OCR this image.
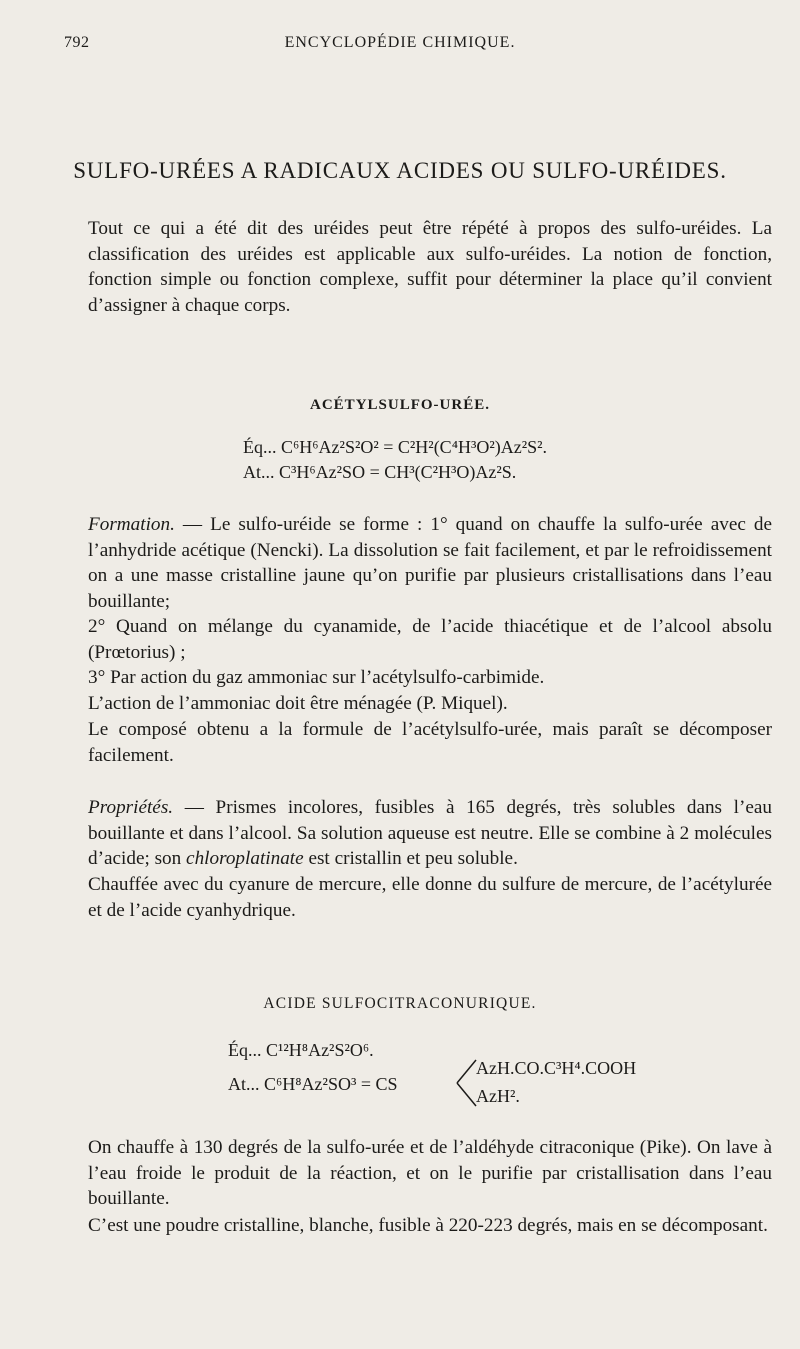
792	ENCYCLOPÉDIE CHIMIQUE.
SULFO-URÉES A RADICAUX ACIDES OU SULFO-URÉIDES.

Tout ce qui a été dit des uréides peut être répété à propos des sulfo-uréides. La classification des uréides est applicable aux sulfo-uréides. La notion de fonction, fonction simple ou fonction complexe, suffit pour déterminer la place qu’il convient d’assigner à chaque corps.

ACÉTYLSULFO-URÉE.
Éq... C⁶H⁶Az²S²O² = C²H²(C⁴H³O²)Az²S².
At... C³H⁶Az²SO = CH³(C²H³O)Az²S.

Formation. — Le sulfo-uréide se forme : 1° quand on chauffe la sulfo-urée avec de l’anhydride acétique (Nencki). La dissolution se fait facilement, et par le refroidissement on a une masse cristalline jaune qu’on purifie par plusieurs cristallisations dans l’eau bouillante;

2° Quand on mélange du cyanamide, de l’acide thiacétique et de l’alcool absolu (Prœtorius) ;

3° Par action du gaz ammoniac sur l’acétylsulfo-carbimide.

L’action de l’ammoniac doit être ménagée (P. Miquel).

Le composé obtenu a la formule de l’acétylsulfo-urée, mais paraît se décomposer facilement.

Propriétés. — Prismes incolores, fusibles à 165 degrés, très solubles dans l’eau bouillante et dans l’alcool. Sa solution aqueuse est neutre. Elle se combine à 2 molécules d’acide; son chloroplatinate est cristallin et peu soluble.

Chauffée avec du cyanure de mercure, elle donne du sulfure de mercure, de l’acétylurée et de l’acide cyanhydrique.

ACIDE SULFOCITRACONURIQUE.
Éq... C¹²H⁸Az²S²O⁶.
At... C⁶H⁸Az²SO³ = CS
AzH.CO.C³H⁴.COOH
AzH².

On chauffe à 130 degrés de la sulfo-urée et de l’aldéhyde citraconique (Pike). On lave à l’eau froide le produit de la réaction, et on le purifie par cristallisation dans l’eau bouillante.

C’est une poudre cristalline, blanche, fusible à 220-223 degrés, mais en se décomposant.
